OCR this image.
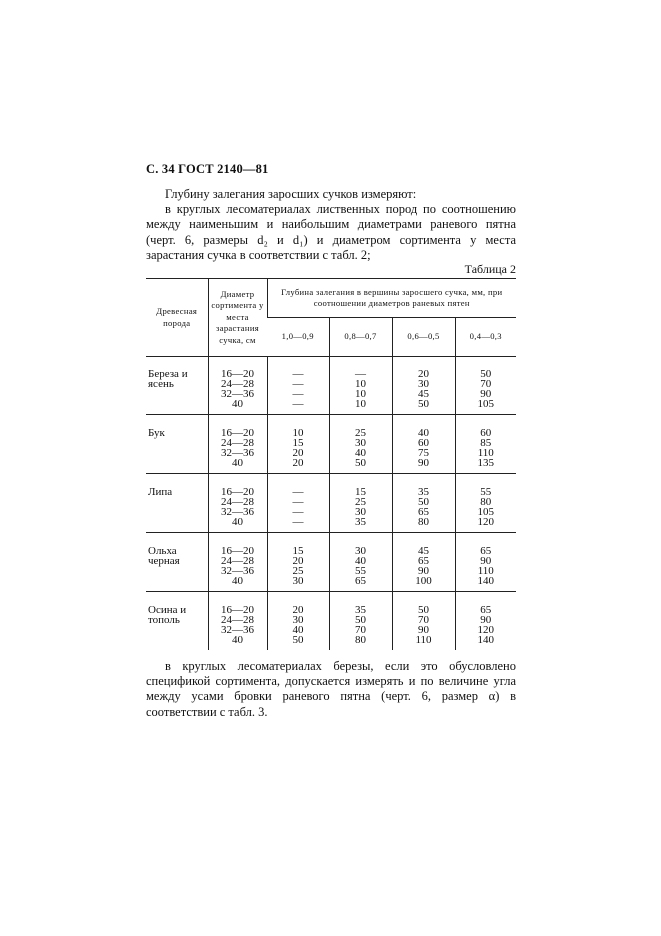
С. 34 ГОСТ 2140—81

Глубину залегания заросших сучков измеряют:

в круглых лесоматериалах лиственных пород по соотношению между наименьшим и наибольшим диаметрами раневого пятна (черт. 6, размеры d₂ и d₁) и диаметром сортимента у места зарастания сучка в соответствии с табл. 2;

Таблица 2
Древесная порода	Диаметр сортимента у места зарастания сучка, см	Глубина залегания в вершины заросшего сучка, мм, при соотношении диаметров раневых пятен			
		1,0—0,9	0,8—0,7	0,6—0,5	0,4—0,3
Береза и ясень	16—20
24—28
32—36
40	—
—
—
—	—
10
10
10	20
30
45
50	50
70
90
105

Бук	16—20
24—28
32—36
40	10
15
20
20	25
30
40
50	40
60
75
90	60
85
110
135

Липа	16—20
24—28
32—36
40	—
—
—
—	15
25
30
35	35
50
65
80	55
80
105
120

Ольха черная	16—20
24—28
32—36
40	15
20
25
30	30
40
55
65	45
65
90
100	65
90
110
140

Осина и тополь	16—20
24—28
32—36
40	20
30
40
50	35
50
70
80	50
70
90
110	65
90
120
140

в круглых лесоматериалах березы, если это обусловлено спецификой сортимента, допускается измерять и по величине угла между усами бровки раневого пятна (черт. 6, размер α) в соответствии с табл. 3.
